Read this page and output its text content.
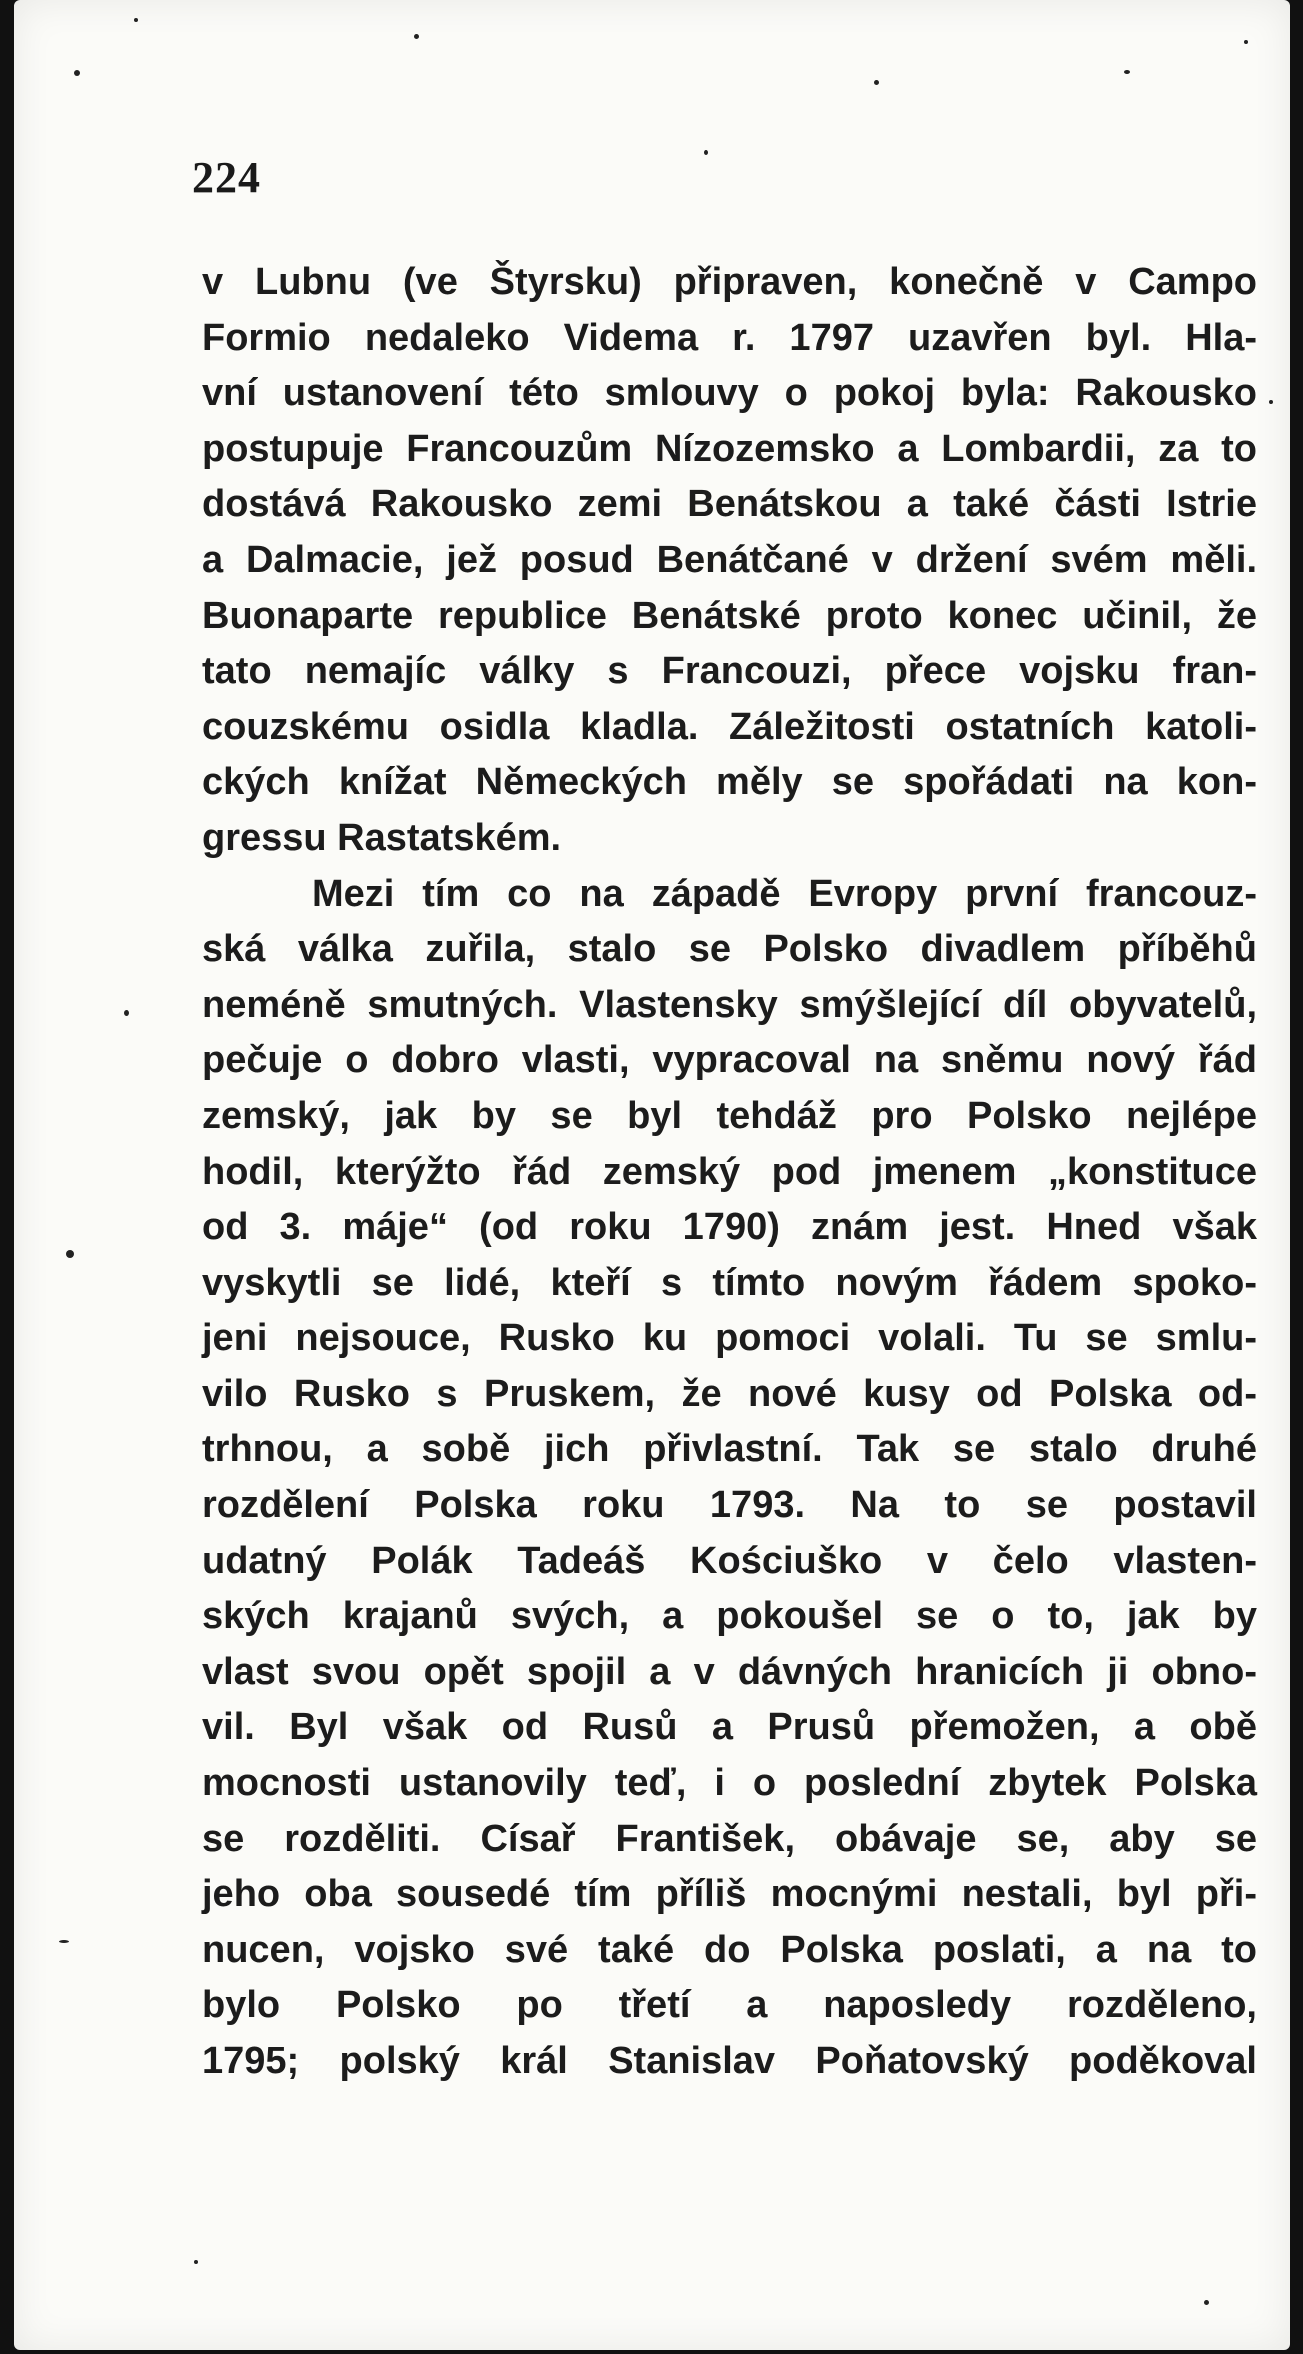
224
v Lubnu (ve Štyrsku) připraven, konečně v Campo
Formio nedaleko Videma r. 1797 uzavřen byl. Hla-
vní ustanovení této smlouvy o pokoj byla: Rakousko
postupuje Francouzům Nízozemsko a Lombardii, za to
dostává Rakousko zemi Benátskou a také části Istrie
a Dalmacie, jež posud Benátčané v držení svém měli.
Buonaparte republice Benátské proto konec učinil, že
tato nemajíc války s Francouzi, přece vojsku fran-
couzskému osidla kladla. Záležitosti ostatních katoli-
ckých knížat Německých měly se spořádati na kon-
gressu Rastatském.
Mezi tím co na západě Evropy první francouz-
ská válka zuřila, stalo se Polsko divadlem příběhů
neméně smutných. Vlastensky smýšlející díl obyvatelů,
pečuje o dobro vlasti, vypracoval na sněmu nový řád
zemský, jak by se byl tehdáž pro Polsko nejlépe
hodil, kterýžto řád zemský pod jmenem „konstituce
od 3. máje“ (od roku 1790) znám jest. Hned však
vyskytli se lidé, kteří s tímto novým řádem spoko-
jeni nejsouce, Rusko ku pomoci volali. Tu se smlu-
vilo Rusko s Pruskem, že nové kusy od Polska od-
trhnou, a sobě jich přivlastní. Tak se stalo druhé
rozdělení Polska roku 1793. Na to se postavil
udatný Polák Tadeáš Kościuško v čelo vlasten-
ských krajanů svých, a pokoušel se o to, jak by
vlast svou opět spojil a v dávných hranicích ji obno-
vil. Byl však od Rusů a Prusů přemožen, a obě
mocnosti ustanovily teď, i o poslední zbytek Polska
se rozděliti. Císař František, obávaje se, aby se
jeho oba sousedé tím příliš mocnými nestali, byl při-
nucen, vojsko své také do Polska poslati, a na to
bylo Polsko po třetí a naposledy rozděleno,
1795; polský král Stanislav Poňatovský poděkoval
